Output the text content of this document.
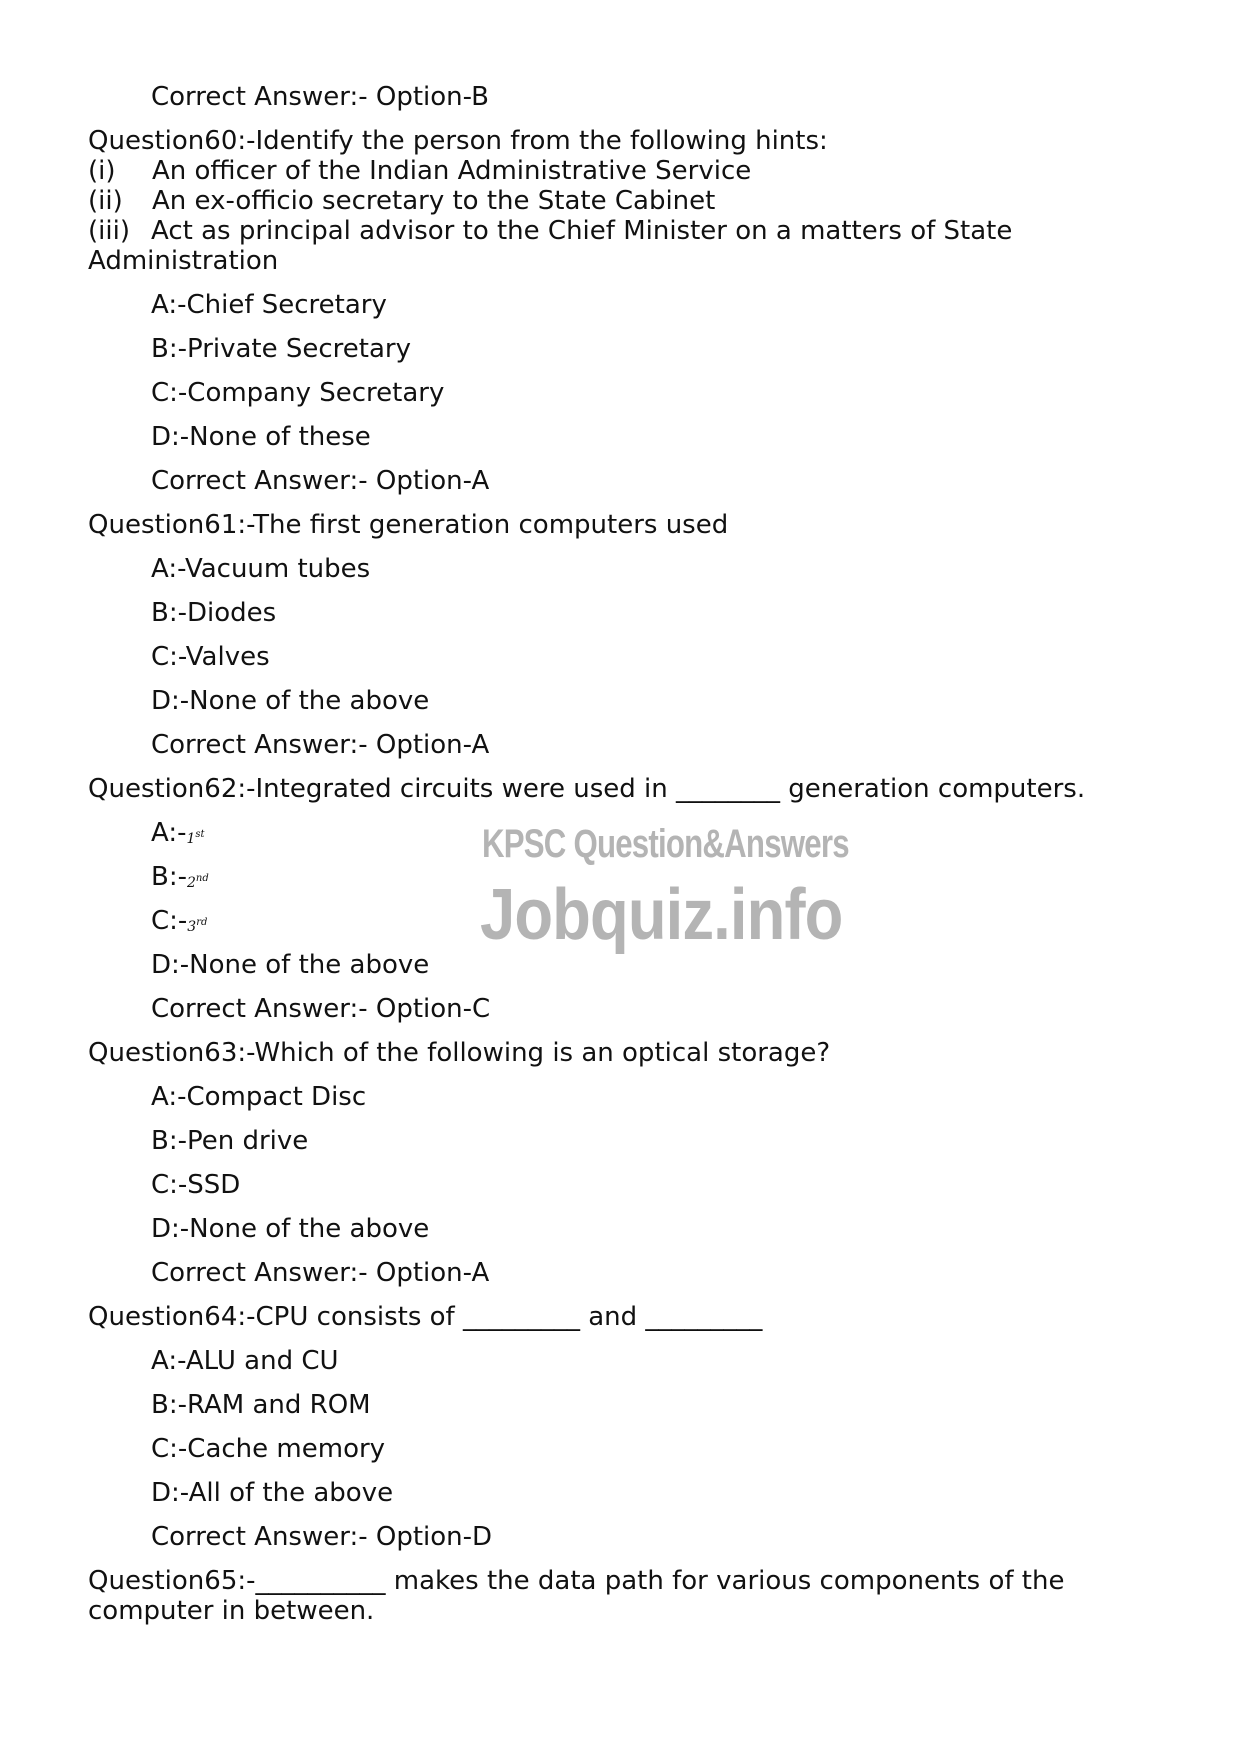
Correct Answer:- Option-B
Question60:-Identify the person from the following hints:
(i) An officer of the Indian Administrative Service
(ii) An ex-officio secretary to the State Cabinet
(iii) Act as principal advisor to the Chief Minister on a matters of State
Administration
A:-Chief Secretary
B:-Private Secretary
C:-Company Secretary
D:-None of these
Correct Answer:- Option-A
Question61:-The first generation computers used
A:-Vacuum tubes
B:-Diodes
C:-Valves
D:-None of the above
Correct Answer:- Option-A
Question62:-Integrated circuits were used in ________ generation computers.
A:-1st
B:-2nd
C:-3rd
D:-None of the above
Correct Answer:- Option-C
Question63:-Which of the following is an optical storage?
A:-Compact Disc
B:-Pen drive
C:-SSD
D:-None of the above
Correct Answer:- Option-A
Question64:-CPU consists of _________ and _________
A:-ALU and CU
B:-RAM and ROM
C:-Cache memory
D:-All of the above
Correct Answer:- Option-D
Question65:-__________ makes the data path for various components of the
computer in between.
KPSC Question&Answers
Jobquiz.info
